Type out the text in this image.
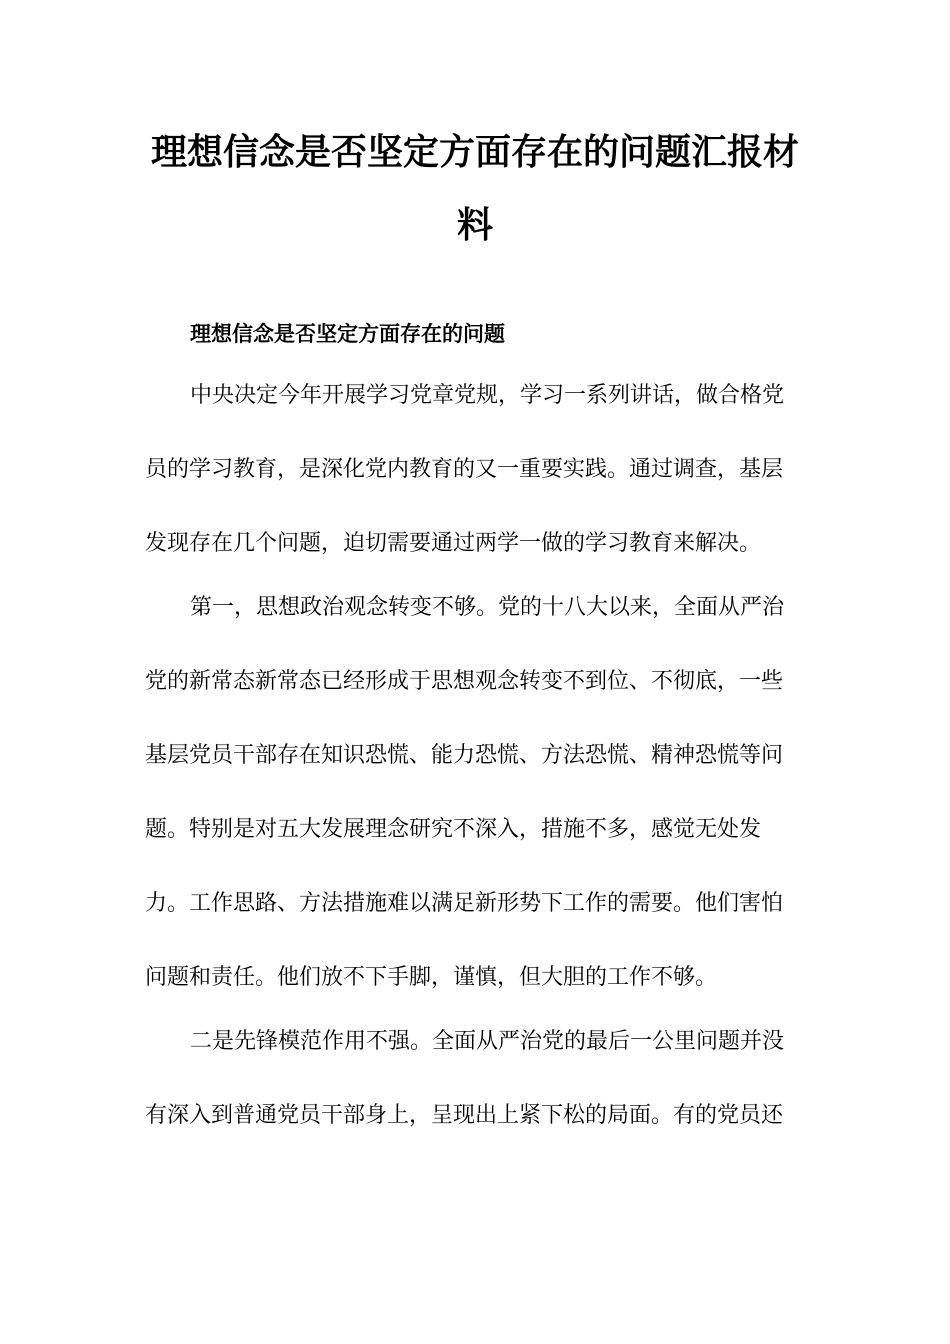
理想信念是否坚定方面存在的问题汇报材
料
理想信念是否坚定方面存在的问题

中央决定今年开展学习党章党规，学习一系列讲话，做合格党

员的学习教育，是深化党内教育的又一重要实践。通过调查，基层

发现存在几个问题，迫切需要通过两学一做的学习教育来解决。

第一，思想政治观念转变不够。党的十八大以来，全面从严治

党的新常态新常态已经形成于思想观念转变不到位、不彻底，一些

基层党员干部存在知识恐慌、能力恐慌、方法恐慌、精神恐慌等问

题。特别是对五大发展理念研究不深入，措施不多，感觉无处发

力。工作思路、方法措施难以满足新形势下工作的需要。他们害怕

问题和责任。他们放不下手脚，谨慎，但大胆的工作不够。

二是先锋模范作用不强。全面从严治党的最后一公里问题并没

有深入到普通党员干部身上，呈现出上紧下松的局面。有的党员还
